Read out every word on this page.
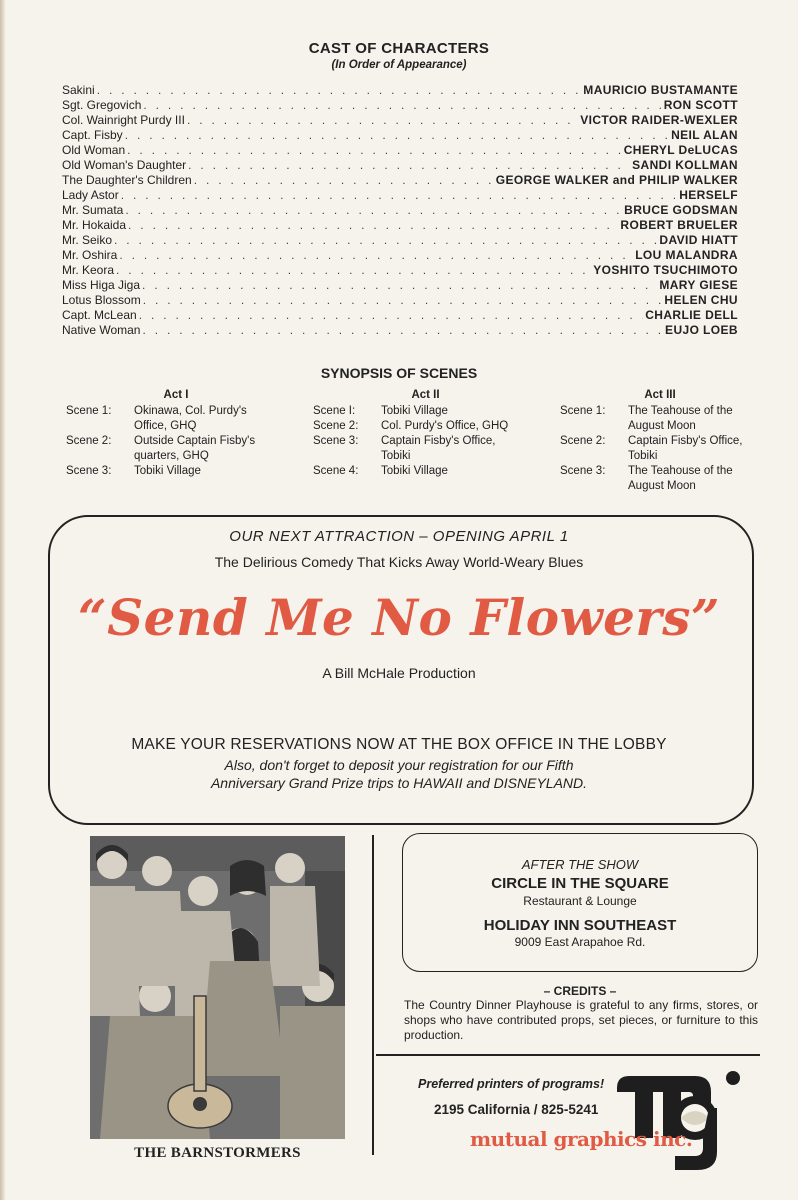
CAST OF CHARACTERS
(In Order of Appearance)
Sakini . . .	MAURICIO BUSTAMANTE
Sgt. Gregovich . . .	RON SCOTT
Col. Wainright Purdy III . . .	VICTOR RAIDER-WEXLER
Capt. Fisby . . .	NEIL ALAN
Old Woman . . .	CHERYL DeLUCAS
Old Woman's Daughter . . .	SANDI KOLLMAN
The Daughter's Children . . .	GEORGE WALKER and PHILIP WALKER
Lady Astor . . .	HERSELF
Mr. Sumata . . .	BRUCE GODSMAN
Mr. Hokaida . . .	ROBERT BRUELER
Mr. Seiko . . .	DAVID HIATT
Mr. Oshira . . .	LOU MALANDRA
Mr. Keora . . .	YOSHITO TSUCHIMOTO
Miss Higa Jiga . . .	MARY GIESE
Lotus Blossom . . .	HELEN CHU
Capt. McLean . . .	CHARLIE DELL
Native Woman . . .	EUJO LOEB
SYNOPSIS OF SCENES
Act I
Scene 1:	Okinawa, Col. Purdy's Office, GHQ
Scene 2:	Outside Captain Fisby's quarters, GHQ
Scene 3:	Tobiki Village
Act II
Scene I:	Tobiki Village
Scene 2:	Col. Purdy's Office, GHQ
Scene 3:	Captain Fisby's Office, Tobiki
Scene 4:	Tobiki Village
Act III
Scene 1:	The Teahouse of the August Moon
Scene 2:	Captain Fisby's Office, Tobiki
Scene 3:	The Teahouse of the August Moon
OUR NEXT ATTRACTION – OPENING APRIL 1
The Delirious Comedy That Kicks Away World-Weary Blues
“Send Me No Flowers”
A Bill McHale Production
MAKE YOUR RESERVATIONS NOW AT THE BOX OFFICE IN THE LOBBY
Also, don't forget to deposit your registration for our Fifth
Anniversary Grand Prize trips to HAWAII and DISNEYLAND.
THE BARNSTORMERS
AFTER THE SHOW
CIRCLE IN THE SQUARE
Restaurant & Lounge
HOLIDAY INN SOUTHEAST
9009 East Arapahoe Rd.
– CREDITS –
The Country Dinner Playhouse is grateful to any firms, stores, or shops who have contributed props, set pieces, or furniture to this production.
Preferred printers of programs!
2195 California / 825-5241
mutual graphics inc.
